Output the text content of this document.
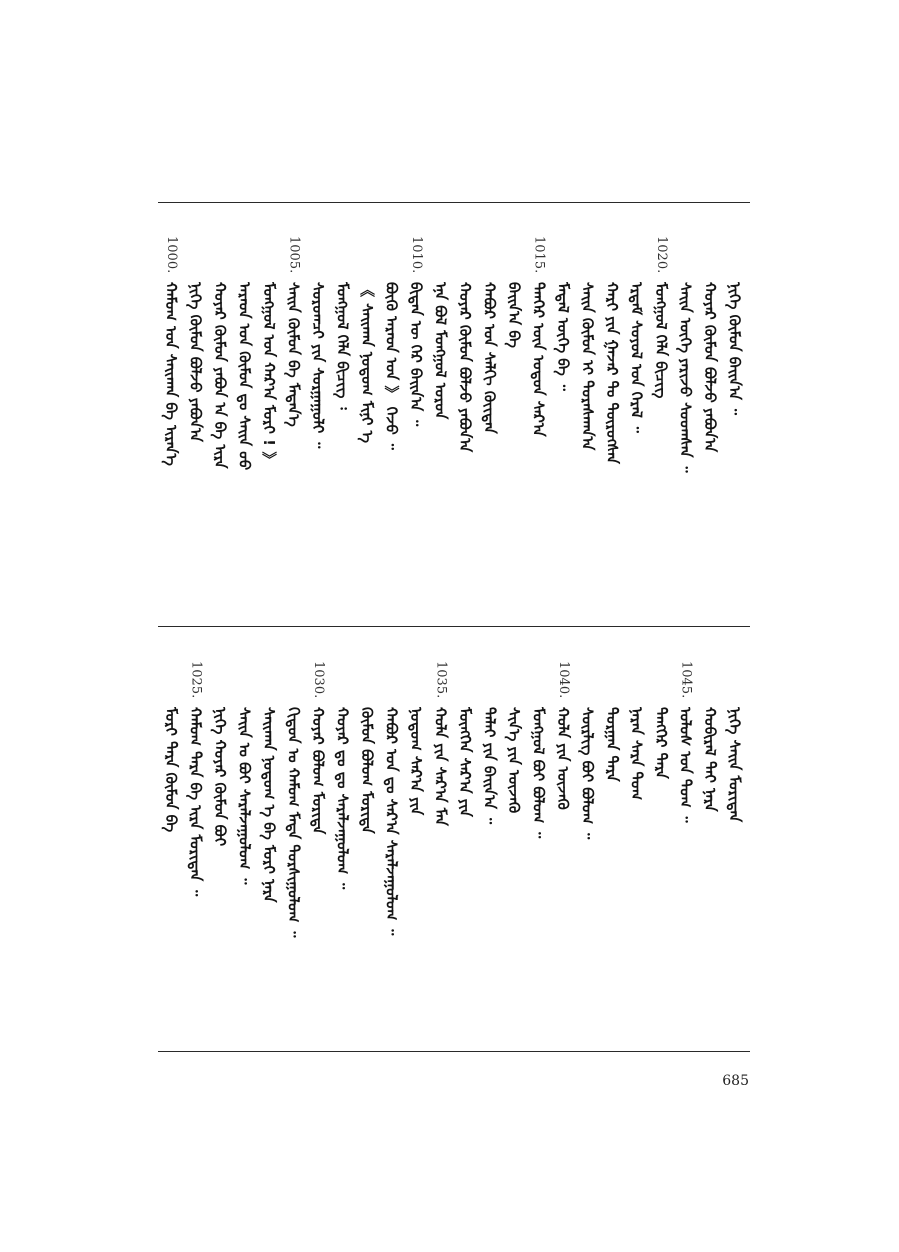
ᠨᠢᠭᠡ ᠬᠦᠮᠦᠨ ᠪᠠᠢᠨ᠎ᠠ ᠃
ᠬᠣᠶᠠᠷ ᠬᠦᠮᠦᠨ ᠪᠣᠯᠵᠤ ᠶᠠᠪᠤᠨ᠎ᠠ
ᠰᠠᠢᠨ ᠦᠭᠡ ᠶᠠᠷᠢᠵᠤ ᠰᠤᠤᠭᠰᠠᠨ ᠃
ᠮᠣᠩᠭᠣᠯ ᠬᠡᠯᠡ ᠪᠢᠴᠢᠭ
1020.
ᠡᠷᠳᠡᠮ ᠰᠣᠶᠣᠯ ᠤᠨ ᠭᠡᠷᠡᠯ ᠃
ᠬᠠᠷᠢ ᠶᠢᠨ ᠭᠠᠵᠠᠷ ᠲᠤ ᠲᠦᠷᠦᠭᠰᠡᠨ
ᠰᠠᠢᠨ ᠬᠦᠮᠦᠨ ᠢ ᠳᠤᠷᠠᠰᠬᠠᠨ᠎ᠠ
ᠮᠡᠳᠡᠯ ᠦᠭᠡ ᠪᠡ ᠃
ᠲᠡᠨᠭᠡᠷ ᠦᠨ ᠣᠳᠣᠨ ᠰᠠᠷ᠎ᠠ
1015.
ᠪᠠᠢᠨ᠎ᠠ ᠪᠡ
ᠬᠠᠪᠤᠷ ᠤᠨ ᠰᠠᠯᠬᠢ ᠬᠦᠢᠲᠡᠨ
ᠬᠣᠶᠠᠷ ᠬᠦᠮᠦᠨ ᠪᠣᠯᠵᠤ ᠶᠠᠪᠤᠨ᠎ᠠ
ᠡᠨᠡ ᠪᠣᠯ ᠮᠣᠩᠭᠣᠯ ᠣᠷᠣᠨ
ᠪᠢᠳᠡᠨ ᠦ ᠭᠡᠷ ᠪᠠᠢᠨ᠎ᠠ ᠃
1010.
ᠪᠦᠬᠦ ᠠᠷᠠᠳ ᠤᠨ 》 ᠭᠡᠵᠦ ᠃
《 ᠰᠠᠢᠬᠠᠨ ᠨᠤᠲᠤᠭ ᠮᠢᠨᠢ ᠡ
ᠮᠣᠩᠭᠣᠯ ᠬᠡᠯᠡ ᠪᠢᠴᠢᠭ ᠄
ᠰᠤᠷᠤᠭᠴᠢ ᠶᠢᠨ ᠰᠤᠷᠭᠠᠭᠤᠯᠢ ᠃
ᠰᠠᠢᠨ ᠬᠦᠮᠦᠨ ᠪᠡ ᠮᠡᠳᠡᠨ᠎ᠡ
1005.
ᠮᠣᠩᠭᠣᠯ ᠤᠨ ᠬᠠᠷ᠎ᠠ ᠮᠣᠷᠢ ! 》
ᠠᠷᠠᠳ ᠤᠨ ᠬᠦᠮᠦᠨ ᠳᠤ ᠰᠠᠢᠨ ᠤᠤ
ᠬᠣᠶᠠᠷ ᠬᠦᠮᠦᠨ ᠶᠠᠪᠤᠨ ᠠ ᠪᠡ ᠢᠷᠡ
ᠨᠢᠭᠡ ᠬᠦᠮᠦᠨ ᠪᠣᠯᠵᠤ ᠶᠠᠪᠤᠨ᠎ᠠ
ᠬᠠᠮᠤᠭ ᠤᠨ ᠰᠠᠢᠬᠠᠨ ᠪᠡ ᠢᠷᠡᠨ᠎ᠡ
1000.
ᠨᠢᠭᠡ ᠰᠠᠢᠨ ᠮᠣᠷᠢᠳᠠᠨ
ᠬᠤᠪᠢᠷᠠᠯ ᠲᠠᠢ ᠨᠡᠷᠡ
ᠤᠯᠤᠰ ᠤᠨ ᠲᠤᠭ ᠃
1045.
ᠲᠡᠩᠭᠡᠷ ᠲᠡᠷᠡ
ᠨᠠᠷᠠᠨ ᠰᠠᠷᠠ ᠲᠤᠭ
ᠲᠣᠷᠭᠠᠨ ᠲᠡᠷᠡ
ᠰᠦᠷᠯᠢᠭ ᠪᠤᠢ ᠪᠤᠯᠤᠭ ᠃
ᠬᠣᠯᠠ ᠶᠢᠨ ᠦᠵᠡᠭᠦ
1040.
ᠮᠣᠩᠭᠣᠯ ᠪᠤᠢ ᠪᠤᠯᠤᠭ ᠃
ᠰᠢᠨ᠎ᠡ ᠶᠢᠨ ᠦᠵᠡᠭᠦ
ᠳᠠᠯᠠᠢ ᠶᠢᠨ ᠪᠠᠢᠨ᠎ᠠ ᠃
ᠮᠥᠩᠭᠡᠨ ᠰᠠᠷ᠎ᠠ ᠶᠢᠨ
ᠬᠣᠯᠠ ᠶᠢᠨ ᠰᠠᠷ᠎ᠠ ᠮᠠᠨ
1035.
ᠨᠤᠲᠤᠭ ᠰᠠᠷ᠎ᠠ ᠶᠢᠨ
ᠬᠠᠪᠤᠷ ᠤᠨ ᠳᠤ ᠰᠠᠷ᠎ᠠ ᠰᠠᠷᠠᠯᠵᠠᠭᠤᠯᠤᠭ ᠃
ᠬᠦᠮᠦᠨ ᠪᠤᠯᠤᠭ ᠮᠣᠷᠢᠳᠠ
ᠬᠣᠶᠠᠷ ᠳᠤ ᠳᠤ ᠰᠠᠷᠠᠯᠵᠠᠭᠤᠯᠤᠭ ᠃
ᠬᠣᠶᠠᠷ ᠪᠤᠯᠤᠭ ᠮᠣᠷᠢᠳᠠ
1030.
ᠬᠢᠳᠤᠨ ᠤ ᠬᠠᠮᠤᠭ ᠮᠡᠳᠡ ᠲᠤᠷᠰᠢᠭᠤᠯᠤᠭ ᠃
ᠰᠠᠢᠬᠠᠨ ᠨᠤᠲᠤᠭ ᠡ ᠪᠡ ᠮᠣᠷᠢ ᠨᠡᠷᠡ
ᠰᠠᠢᠨ ᠤ ᠪᠤᠢ ᠰᠠᠷᠠᠯᠵᠠᠭᠤᠯᠤᠭ ᠃
ᠨᠢᠭᠡ ᠬᠣᠶᠠᠷ ᠬᠦᠮᠦᠨ ᠪᠤᠢ
ᠬᠠᠮᠤᠭ ᠲᠡᠷᠡ ᠪᠡ ᠢᠷᠡ ᠮᠣᠷᠢᠳᠠᠨ ᠃
1025.
ᠮᠣᠷᠢ ᠲᠡᠷᠡ ᠬᠦᠮᠦᠨ ᠪᠡ
685
